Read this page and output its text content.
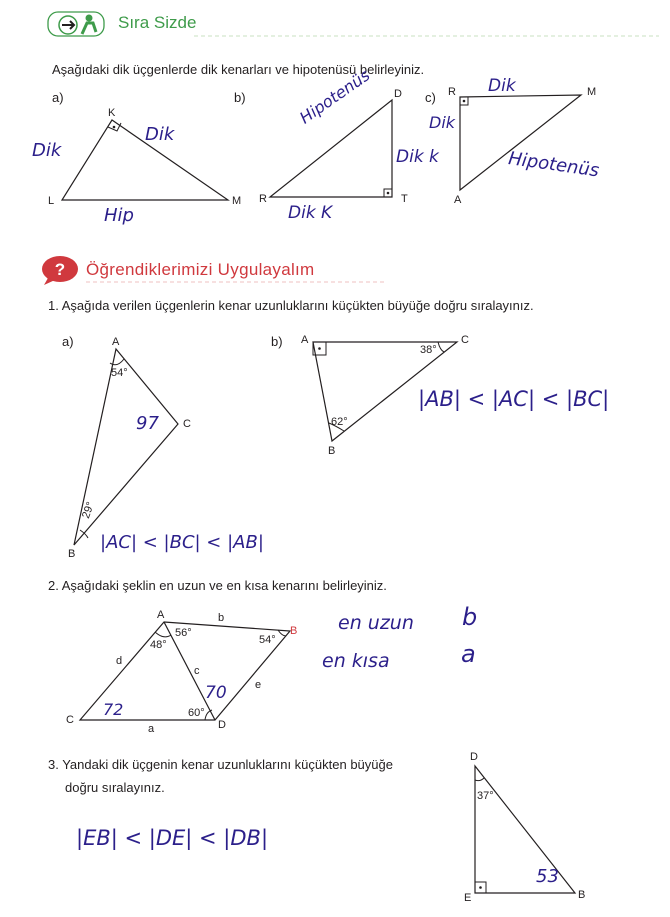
Sıra Sizde
Aşağıdaki dik üçgenlerde dik kenarları ve hipotenüsü belirleyiniz.
a)	b)	c)
K
L	M
Dik
Dik
Hip
D
R	T
Hipotenüs
Dik k
Dik K
R	M
A
Dik
Dik
Hipotenüs
? Öğrendiklerimizi Uygulayalım
1. Aşağıda verilen üçgenlerin kenar uzunluklarını küçükten büyüğe doğru sıralayınız.
a)	b)
A
C
B
54°
29°
97
|AC| < |BC| < |AB|
A	C
B
38°
62°
|AB| < |AC| < |BC|
2. Aşağıdaki şeklin en uzun ve en kısa kenarını belirleyiniz.
A
B
C	D
a
b
c
d
e
56°
48°	54°
60°
72
70
en uzun b
en kısa	a
3. Yandaki dik üçgenin kenar uzunluklarını küçükten büyüğe
doğru sıralayınız.
|EB| < |DE| < |DB|
D
E	B
37°
53
